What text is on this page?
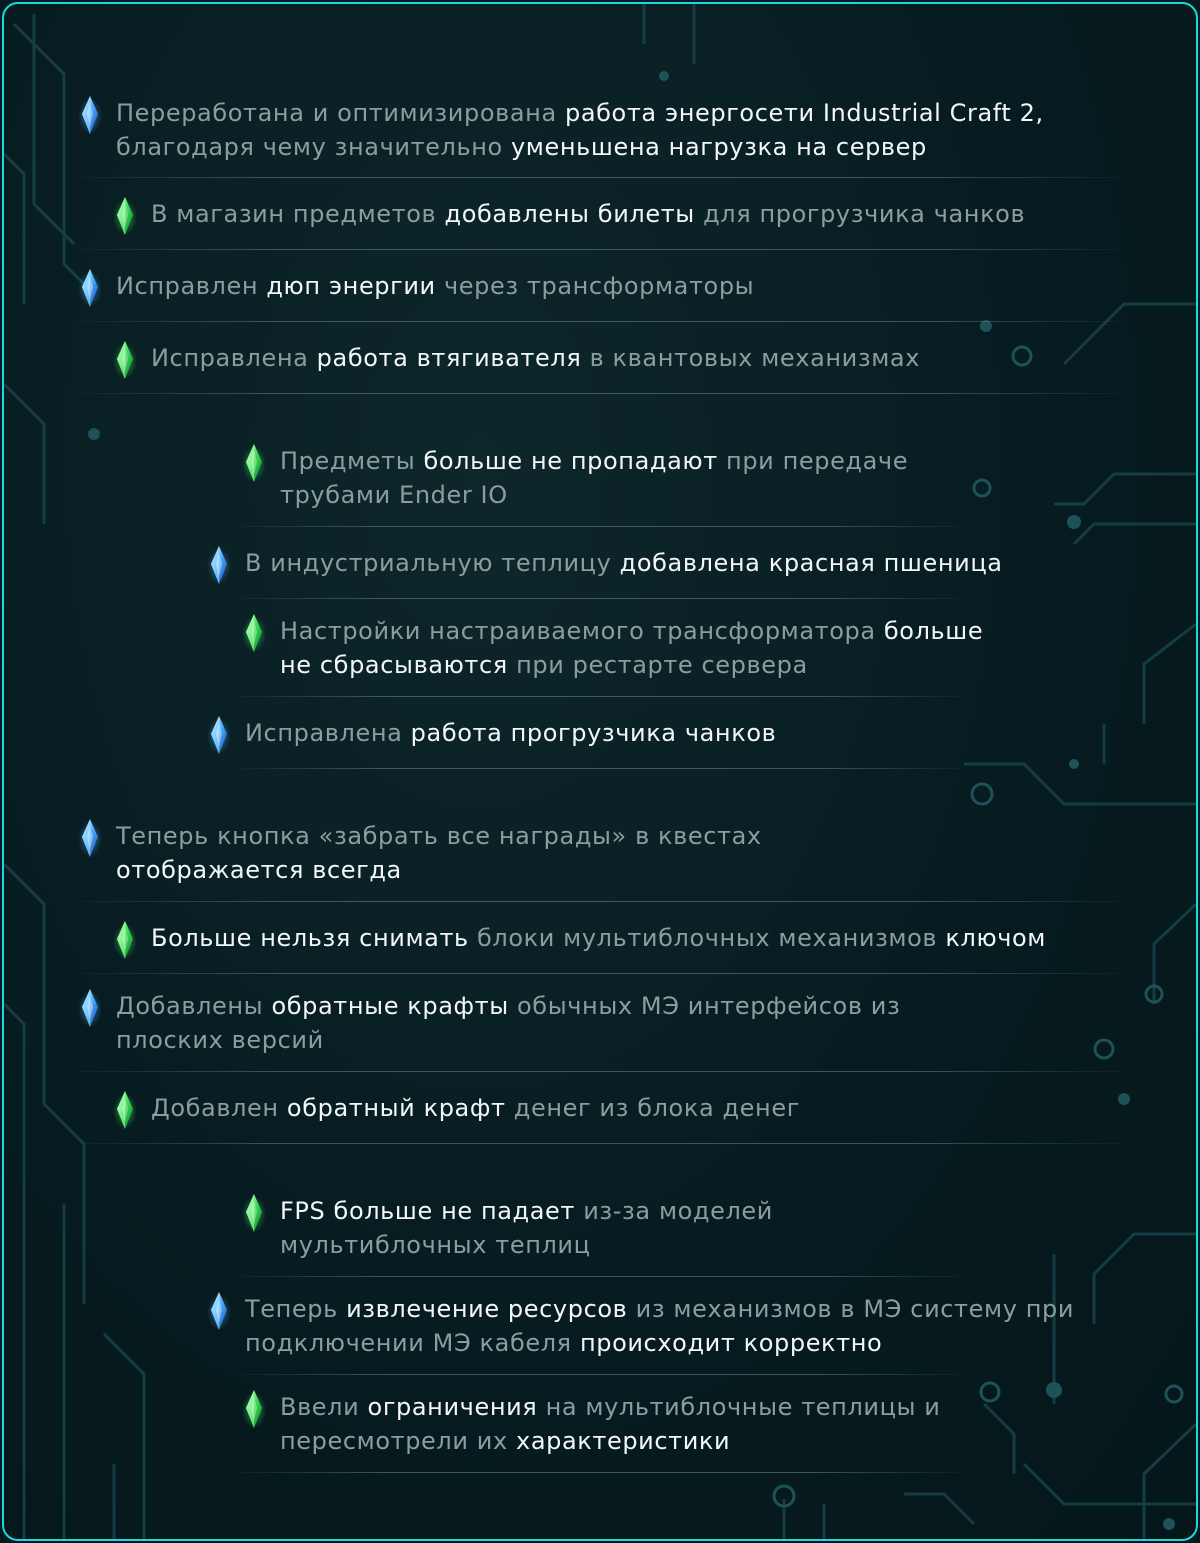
Переработана и оптимизирована работа энергосети Industrial Craft 2, благодаря чему значительно уменьшена нагрузка на сервер
В магазин предметов добавлены билеты для прогрузчика чанков
Исправлен дюп энергии через трансформаторы
Исправлена работа втягивателя в квантовых механизмах
Предметы больше не пропадают при передаче трубами Ender IO
В индустриальную теплицу добавлена красная пшеница
Настройки настраиваемого трансформатора больше не сбрасываются при рестарте сервера
Исправлена работа прогрузчика чанков
Теперь кнопка «забрать все награды» в квестах отображается всегда
Больше нельзя снимать блоки мультиблочных механизмов ключом
Добавлены обратные крафты обычных МЭ интерфейсов из плоских версий
Добавлен обратный крафт денег из блока денег
FPS больше не падает из-за моделей мультиблочных теплиц
Теперь извлечение ресурсов из механизмов в МЭ систему при подключении МЭ кабеля происходит корректно
Ввели ограничения на мультиблочные теплицы и пересмотрели их характеристики
